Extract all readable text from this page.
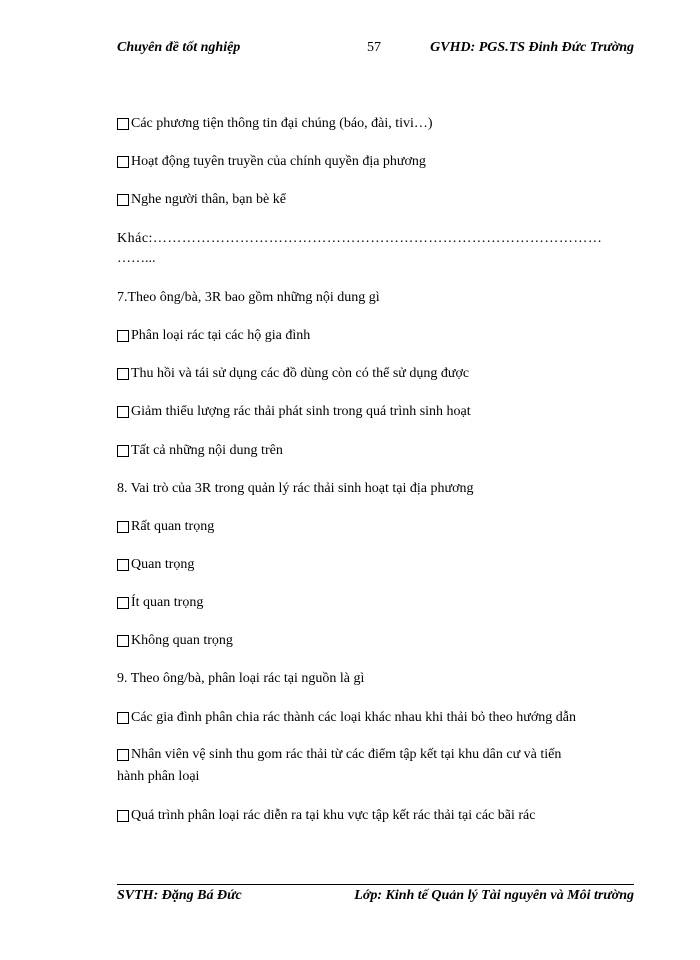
Chuyên đề tốt nghiệp	57	GVHD: PGS.TS Đinh Đức Trường
Các phương tiện thông tin đại chúng (báo, đài, tivi…)
Hoạt động tuyên truyền của chính quyền địa phương
Nghe người thân, bạn bè kể
Khác:…………………………………………………………………………………
……...
7.Theo ông/bà, 3R bao gồm những nội dung gì
Phân loại rác tại các hộ gia đình
Thu hồi và tái sử dụng các đồ dùng còn có thể sử dụng được
Giảm thiểu lượng rác thải phát sinh trong quá trình sinh hoạt
Tất cả những nội dung trên
8. Vai trò của 3R trong quản lý rác thải sinh hoạt tại địa phương
Rất quan trọng
Quan trọng
Ít quan trọng
Không quan trọng
9. Theo ông/bà, phân loại rác tại nguồn là gì
Các gia đình phân chia rác thành các loại khác nhau khi thải bỏ theo hướng dẫn
Nhân viên vệ sinh thu gom rác thải từ các điểm tập kết tại khu dân cư và tiến
hành phân loại
Quá trình phân loại rác diễn ra tại khu vực tập kết rác thải tại các bãi rác
SVTH: Đặng Bá Đức	Lớp: Kinh tế Quản lý Tài nguyên và Môi trường
